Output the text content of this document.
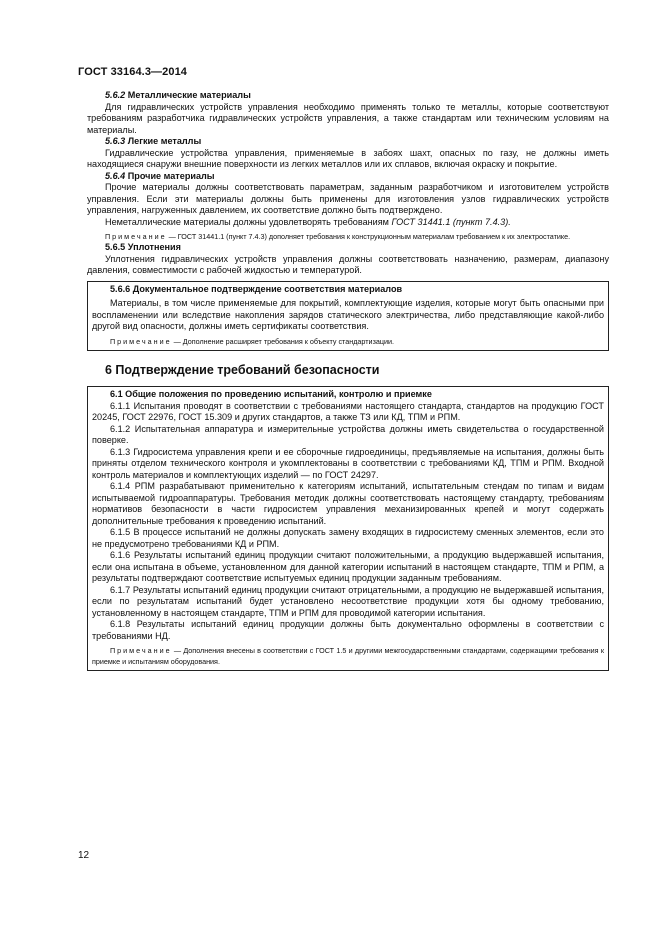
ГОСТ 33164.3—2014

5.6.2 Металлические материалы

Для гидравлических устройств управления необходимо применять только те металлы, которые соответствуют требованиям разработчика гидравлических устройств управления, а также стандартам или техническим условиям на материалы.

5.6.3 Легкие металлы

Гидравлические устройства управления, применяемые в забоях шахт, опасных по газу, не должны иметь находящиеся снаружи внешние поверхности из легких металлов или их сплавов, включая окраску и покрытие.

5.6.4 Прочие материалы

Прочие материалы должны соответствовать параметрам, заданным разработчиком и изготовителем устройств управления. Если эти материалы должны быть применены для изготовления узлов гидравлических устройств управления, нагруженных давлением, их соответствие должно быть подтверждено.

Неметаллические материалы должны удовлетворять требованиям ГОСТ 31441.1 (пункт 7.4.3).

Примечание — ГОСТ 31441.1 (пункт 7.4.3) дополняет требования к конструкционным материалам требованием к их электростатике.

5.6.5 Уплотнения

Уплотнения гидравлических устройств управления должны соответствовать назначению, размерам, диапазону давления, совместимости с рабочей жидкостью и температурой.

5.6.6 Документальное подтверждение соответствия материалов

Материалы, в том числе применяемые для покрытий, комплектующие изделия, которые могут быть опасными при воспламенении или вследствие накопления зарядов статического электричества, либо представляющие какой-либо другой вид опасности, должны иметь сертификаты соответствия.

Примечание — Дополнение расширяет требования к объекту стандартизации.

6 Подтверждение требований безопасности

6.1 Общие положения по проведению испытаний, контролю и приемке

6.1.1 Испытания проводят в соответствии с требованиями настоящего стандарта, стандартов на продукцию ГОСТ 20245, ГОСТ 22976, ГОСТ 15.309 и других стандартов, а также ТЗ или КД, ТПМ и РПМ.

6.1.2 Испытательная аппаратура и измерительные устройства должны иметь свидетельства о государственной поверке.

6.1.3 Гидросистема управления крепи и ее сборочные гидроединицы, предъявляемые на испытания, должны быть приняты отделом технического контроля и укомплектованы в соответствии с требованиями КД, ТПМ и РПМ. Входной контроль материалов и комплектующих изделий — по ГОСТ 24297.

6.1.4 РПМ разрабатывают применительно к категориям испытаний, испытательным стендам по типам и видам испытываемой гидроаппаратуры. Требования методик должны соответствовать настоящему стандарту, требованиям нормативов безопасности в части гидросистем управления механизированных крепей и могут содержать дополнительные требования к проведению испытаний.

6.1.5 В процессе испытаний не должны допускать замену входящих в гидросистему сменных элементов, если это не предусмотрено требованиями КД и РПМ.

6.1.6 Результаты испытаний единиц продукции считают положительными, а продукцию выдержавшей испытания, если она испытана в объеме, установленном для данной категории испытаний в настоящем стандарте, ТПМ и РПМ, а результаты подтверждают соответствие испытуемых единиц продукции заданным требованиям.

6.1.7 Результаты испытаний единиц продукции считают отрицательными, а продукцию не выдержавшей испытания, если по результатам испытаний будет установлено несоответствие продукции хотя бы одному требованию, установленному в настоящем стандарте, ТПМ и РПМ для проводимой категории испытания.

6.1.8 Результаты испытаний единиц продукции должны быть документально оформлены в соответствии с требованиями НД.

Примечание — Дополнения внесены в соответствии с ГОСТ 1.5 и другими межгосударственными стандартами, содержащими требования к приемке и испытаниям оборудования.

12
